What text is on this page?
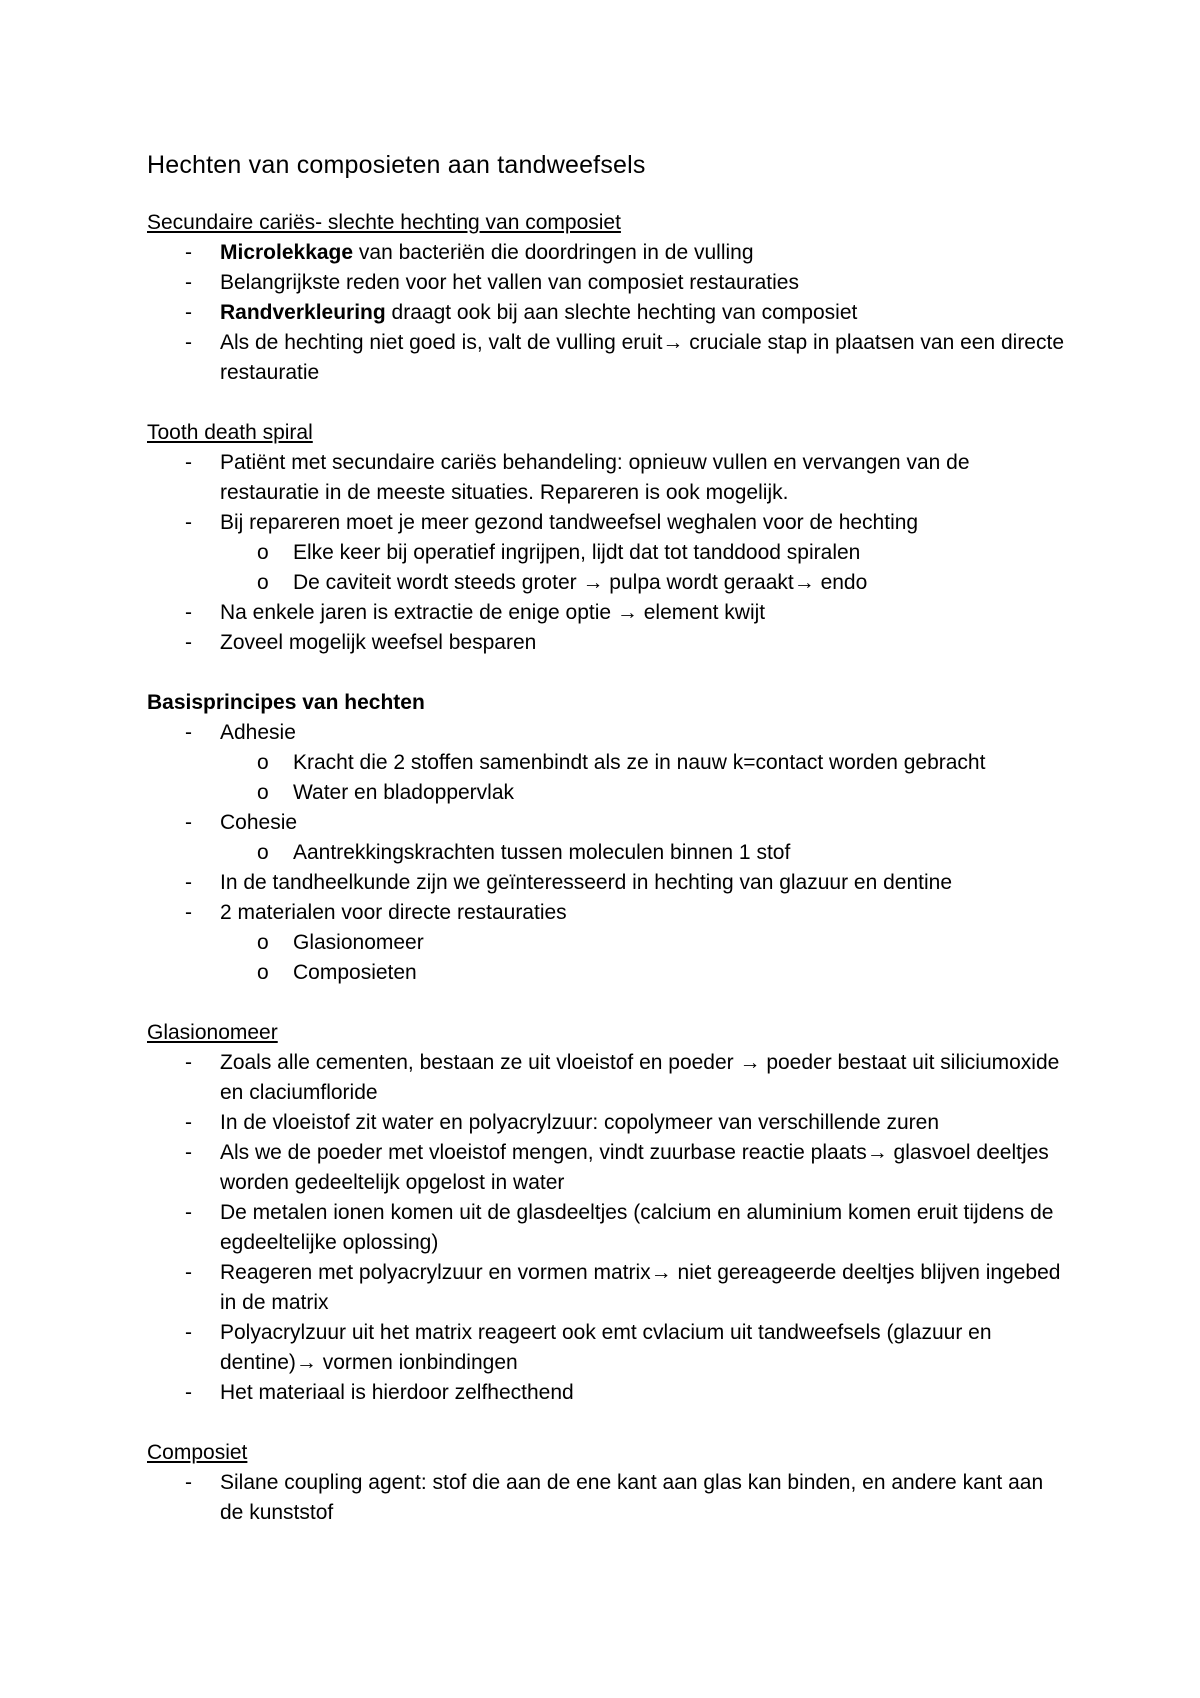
Hechten van composieten aan tandweefsels
Secundaire cariës- slechte hechting van composiet
- Microlekkage van bacteriën die doordringen in de vulling
- Belangrijkste reden voor het vallen van composiet restauraties
- Randverkleuring draagt ook bij aan slechte hechting van composiet
- Als de hechting niet goed is, valt de vulling eruit→ cruciale stap in plaatsen van een directe restauratie
Tooth death spiral
- Patiënt met secundaire cariës behandeling: opnieuw vullen en vervangen van de restauratie in de meeste situaties. Repareren is ook mogelijk.
- Bij repareren moet je meer gezond tandweefsel weghalen voor de hechting
o Elke keer bij operatief ingrijpen, lijdt dat tot tanddood spiralen
o De caviteit wordt steeds groter → pulpa wordt geraakt→ endo
- Na enkele jaren is extractie de enige optie → element kwijt
- Zoveel mogelijk weefsel besparen
Basisprincipes van hechten
- Adhesie
o Kracht die 2 stoffen samenbindt als ze in nauw k=contact worden gebracht
o Water en bladoppervlak
- Cohesie
o Aantrekkingskrachten tussen moleculen binnen 1 stof
- In de tandheelkunde zijn we geïnteresseerd in hechting van glazuur en dentine
- 2 materialen voor directe restauraties
o Glasionomeer
o Composieten
Glasionomeer
- Zoals alle cementen, bestaan ze uit vloeistof en poeder → poeder bestaat uit siliciumoxide en claciumfloride
- In de vloeistof zit water en polyacrylzuur: copolymeer van verschillende zuren
- Als we de poeder met vloeistof mengen, vindt zuurbase reactie plaats→ glasvoel deeltjes worden gedeeltelijk opgelost in water
- De metalen ionen komen uit de glasdeeltjes (calcium en aluminium komen eruit tijdens de egdeeltelijke oplossing)
- Reageren met polyacrylzuur en vormen matrix→ niet gereageerde deeltjes blijven ingebed in de matrix
- Polyacrylzuur uit het matrix reageert ook emt cvlacium uit tandweefsels (glazuur en dentine)→ vormen ionbindingen
- Het materiaal is hierdoor zelfhecthend
Composiet
- Silane coupling agent: stof die aan de ene kant aan glas kan binden, en andere kant aan de kunststof
